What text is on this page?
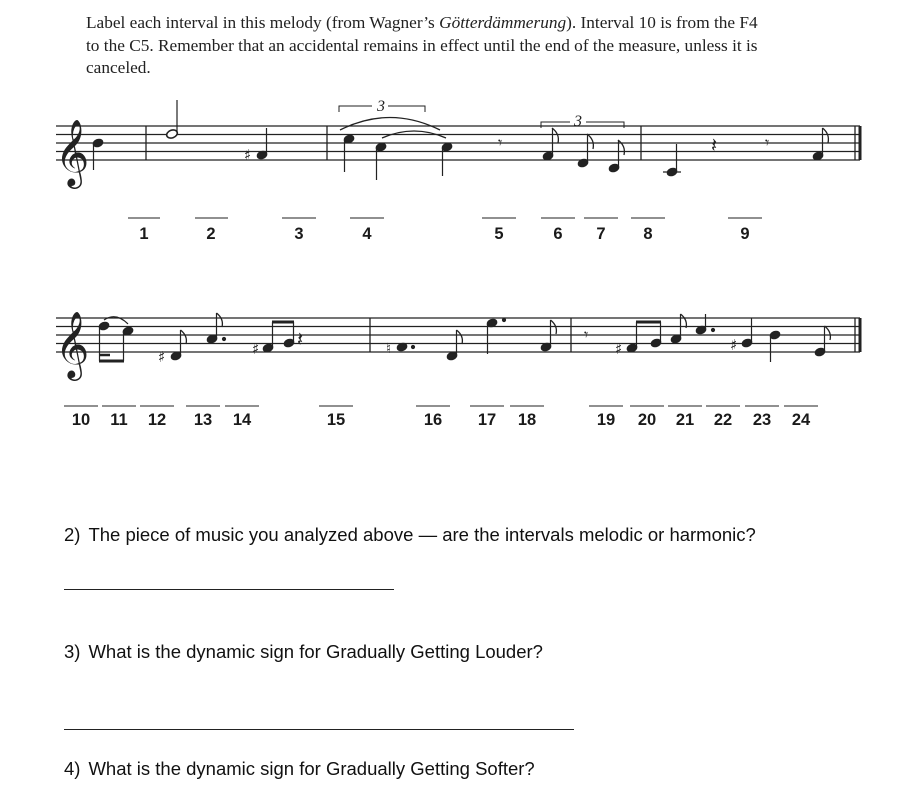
Label each interval in this melody (from Wagner’s Götterdämmerung). Interval 10 is from the F4 to the C5. Remember that an accidental remains in effect until the end of the measure, unless it is canceled.
𝄞	♯
𝄾	𝄽	𝄾
3
3
1	2	3	4	5	6 7 8	9
𝄞	♯	♯ 𝄽	♮
𝄾
♯	♯
10 11 12 13 14	15	16 17 18	19 20 21 22 23 24
2) The piece of music you analyzed above — are the intervals melodic or harmonic?
3) What is the dynamic sign for Gradually Getting Louder?
4) What is the dynamic sign for Gradually Getting Softer?
